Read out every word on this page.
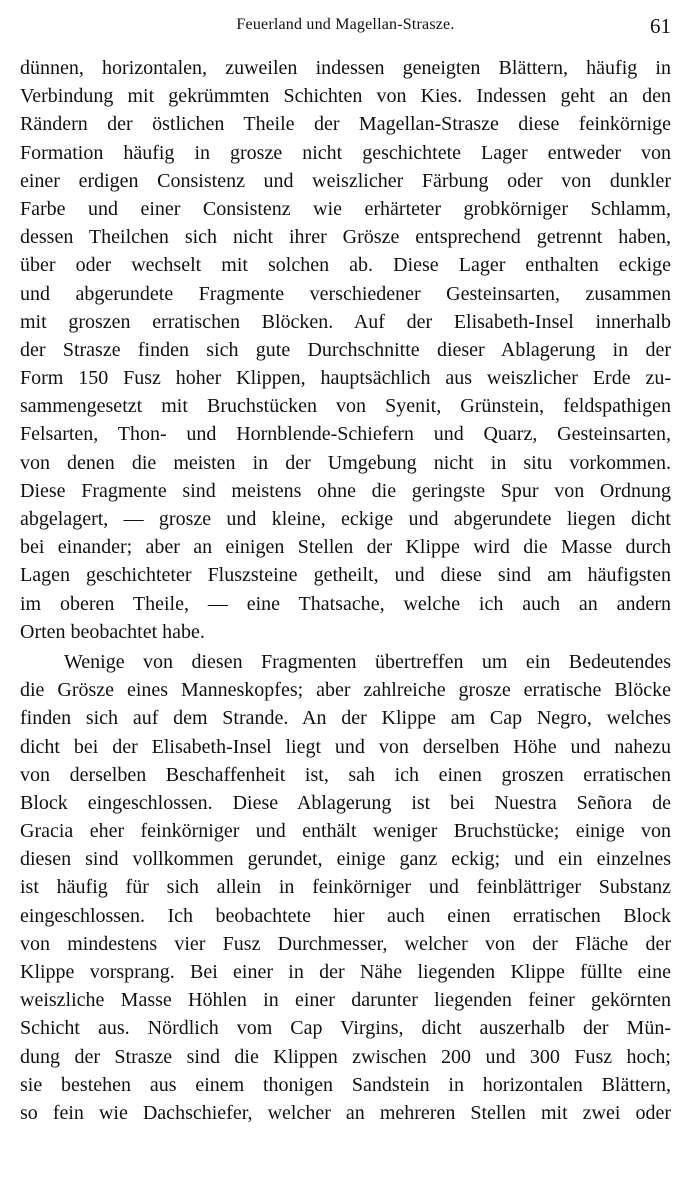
Feuerland und Magellan-Strasze.	61
dünnen, horizontalen, zuweilen indessen geneigten Blättern, häufig in
Verbindung mit gekrümmten Schichten von Kies. Indessen geht an den
Rändern der östlichen Theile der Magellan-Strasze diese feinkörnige
Formation häufig in grosze nicht geschichtete Lager entweder von
einer erdigen Consistenz und weiszlicher Färbung oder von dunkler
Farbe und einer Consistenz wie erhärteter grobkörniger Schlamm,
dessen Theilchen sich nicht ihrer Grösze entsprechend getrennt haben,
über oder wechselt mit solchen ab. Diese Lager enthalten eckige
und abgerundete Fragmente verschiedener Gesteinsarten, zusammen
mit groszen erratischen Blöcken. Auf der Elisabeth-Insel innerhalb
der Strasze finden sich gute Durchschnitte dieser Ablagerung in der
Form 150 Fusz hoher Klippen, hauptsächlich aus weiszlicher Erde zu-
sammengesetzt mit Bruchstücken von Syenit, Grünstein, feldspathigen
Felsarten, Thon- und Hornblende-Schiefern und Quarz, Gesteinsarten,
von denen die meisten in der Umgebung nicht in situ vorkommen.
Diese Fragmente sind meistens ohne die geringste Spur von Ordnung
abgelagert, — grosze und kleine, eckige und abgerundete liegen dicht
bei einander; aber an einigen Stellen der Klippe wird die Masse durch
Lagen geschichteter Fluszsteine getheilt, und diese sind am häufigsten
im oberen Theile, — eine Thatsache, welche ich auch an andern
Orten beobachtet habe.
Wenige von diesen Fragmenten übertreffen um ein Bedeutendes
die Grösze eines Manneskopfes; aber zahlreiche grosze erratische Blöcke
finden sich auf dem Strande. An der Klippe am Cap Negro, welches
dicht bei der Elisabeth-Insel liegt und von derselben Höhe und nahezu
von derselben Beschaffenheit ist, sah ich einen groszen erratischen
Block eingeschlossen. Diese Ablagerung ist bei Nuestra Señora de
Gracia eher feinkörniger und enthält weniger Bruchstücke; einige von
diesen sind vollkommen gerundet, einige ganz eckig; und ein einzelnes
ist häufig für sich allein in feinkörniger und feinblättriger Substanz
eingeschlossen. Ich beobachtete hier auch einen erratischen Block
von mindestens vier Fusz Durchmesser, welcher von der Fläche der
Klippe vorsprang. Bei einer in der Nähe liegenden Klippe füllte eine
weiszliche Masse Höhlen in einer darunter liegenden feiner gekörnten
Schicht aus. Nördlich vom Cap Virgins, dicht auszerhalb der Mün-
dung der Strasze sind die Klippen zwischen 200 und 300 Fusz hoch;
sie bestehen aus einem thonigen Sandstein in horizontalen Blättern,
so fein wie Dachschiefer, welcher an mehreren Stellen mit zwei oder
